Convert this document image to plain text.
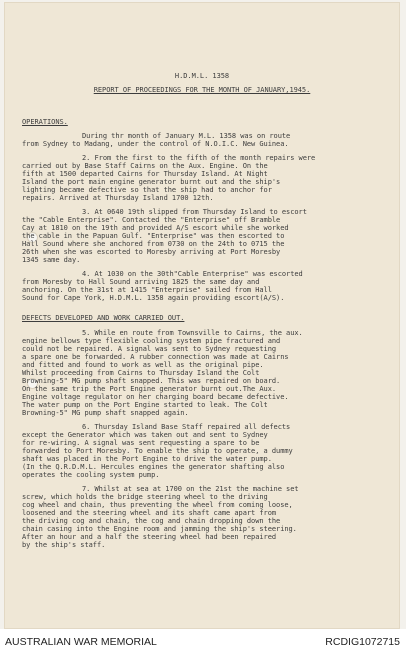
H.D.M.L. 1358
REPORT OF PROCEEDINGS FOR THE MONTH OF JANUARY,1945.
OPERATIONS.
During thr month of January M.L. 1358 was on route
from Sydney to Madang, under the control of N.O.I.C. New Guinea.
2. From the first to the fifth of the month repairs were
carried out by Base Staff Cairns on the Aux. Engine. On the
fifth at 1500 departed Cairns for Thursday Island. At Night
Island the port main engine generator burnt out and the ship's
lighting became defective so that the ship had to anchor for
repairs. Arrived at Thursday Island 1700 12th.
3. At 0640 19th slipped from Thursday Island to escort
the "Cable Enterprise". Contacted the "Enterprise" off Bramble
Cay at 1810 on the 19th and provided A/S escort while she worked
the cable in the Papuan Gulf. "Enterprise" was then escorted to
Hall Sound where she anchored from 0730 on the 24th to 0715 the
26th when she was escorted to Moresby arriving at Port Moresby
1345 same day.
4. At 1030 on the 30th"Cable Enterprise" was escorted
from Moresby to Hall Sound arriving 1825 the same day and
anchoring. On the 31st at 1415 "Enterprise" sailed from Hall
Sound for Cape York, H.D.M.L. 1358 again providing escort(A/S).
DEFECTS DEVELOPED AND WORK CARRIED OUT.
5. While en route from Townsville to Cairns, the aux.
engine bellows type flexible cooling system pipe fractured and
could not be repaired. A signal was sent to Sydney requesting
a spare one be forwarded. A rubber connection was made at Cairns
and fitted and found to work as well as the original pipe.
Whilst proceeding from Cairns to Thursday Island the Colt
Browning-5" MG pump shaft snapped. This was repaired on board.
On the same trip the Port Engine generator burnt out.The Aux.
Engine voltage regulator on her charging board became defective.
The water pump on the Port Engine started to leak. The Colt
Browning-5" MG pump shaft snapped again.
6. Thursday Island Base Staff repaired all defects
except the Generator which was taken out and sent to Sydney
for re-wiring. A signal was sent requesting a spare to be
forwarded to Port Moresby. To enable the ship to operate, a dummy
shaft was placed in the Port Engine to drive the water pump.
(In the Q.R.D.M.L. Hercules engines the generator shafting also
operates the cooling system pump.
7. Whilst at sea at 1700 on the 21st the machine set
screw, which holds the bridge steering wheel to the driving
cog wheel and chain, thus preventing the wheel from coming loose,
loosened and the steering wheel and its shaft came apart from
the driving cog and chain, the cog and chain dropping down the
chain casing into the Engine room and jamming the ship's steering.
After an hour and a half the steering wheel had been repaired
by the ship's staff.
AUSTRALIAN WAR MEMORIAL	RCDIG1072715
